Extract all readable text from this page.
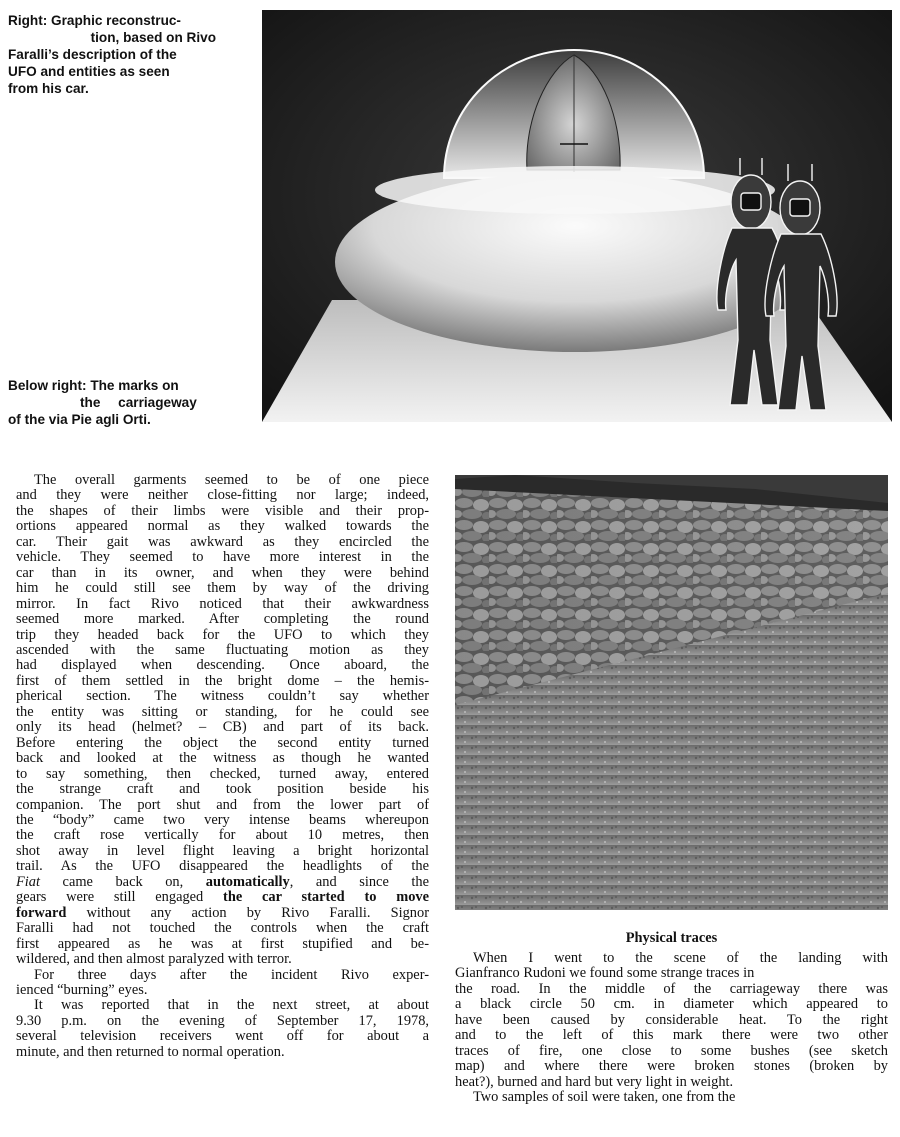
Right: Graphic reconstruc-
tion, based on Rivo
Faralli’s description of the
UFO and entities as seen
from his car.
Below right: The marks on
the carriageway
of the via Pie agli Orti.

The overall garments seemed to be of one piece

and they were neither close-fitting nor large; indeed,

the shapes of their limbs were visible and their prop-

ortions appeared normal as they walked towards the

car. Their gait was awkward as they encircled the

vehicle. They seemed to have more interest in the

car than in its owner, and when they were behind

him he could still see them by way of the driving

mirror. In fact Rivo noticed that their awkwardness

seemed more marked. After completing the round

trip they headed back for the UFO to which they

ascended with the same fluctuating motion as they

had displayed when descending. Once aboard, the

first of them settled in the bright dome – the hemis-

pherical section. The witness couldn’t say whether

the entity was sitting or standing, for he could see

only its head (helmet? – CB) and part of its back.

Before entering the object the second entity turned

back and looked at the witness as though he wanted

to say something, then checked, turned away, entered

the strange craft and took position beside his

companion. The port shut and from the lower part of

the “body” came two very intense beams whereupon

the craft rose vertically for about 10 metres, then

shot away in level flight leaving a bright horizontal

trail. As the UFO disappeared the headlights of the

Fiat came back on, automatically, and since the

gears were still engaged the car started to move

forward without any action by Rivo Faralli. Signor

Faralli had not touched the controls when the craft

first appeared as he was at first stupified and be-

wildered, and then almost paralyzed with terror.

For three days after the incident Rivo exper-

ienced “burning” eyes.

It was reported that in the next street, at about

9.30 p.m. on the evening of September 17, 1978,

several television receivers went off for about a

minute, and then returned to normal operation.

Physical traces

When I went to the scene of the landing with

Gianfranco Rudoni we found some strange traces in

the road. In the middle of the carriageway there was

a black circle 50 cm. in diameter which appeared to

have been caused by considerable heat. To the right

and to the left of this mark there were two other

traces of fire, one close to some bushes (see sketch

map) and where there were broken stones (broken by

heat?), burned and hard but very light in weight.

Two samples of soil were taken, one from the
